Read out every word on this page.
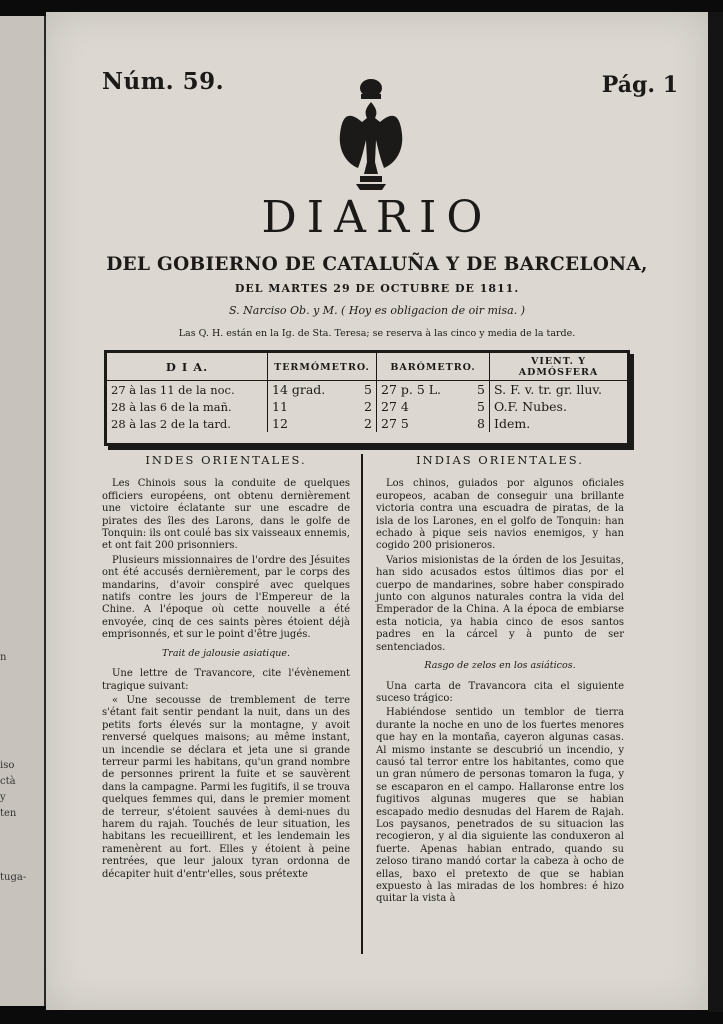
n
iso
ctà
y
ten
tuga-
Núm. 59.	Pág. 1
DIARIO
DEL GOBIERNO DE CATALUÑA Y DE BARCELONA,
DEL MARTES 29 DE OCTUBRE DE 1811.
S. Narciso Ob. y M. ( Hoy es obligacion de oir misa. )
Las Q. H. están en la Ig. de Sta. Teresa; se reserva à las cinco y media de la tarde.
D I A.	TERMÓMETRO.	BARÓMETRO.	VIENT. Y ADMÓSFERA
27 à las 11 de la noc.	14 grad. 5	27 p. 5 L. 5	S. F. v. tr. gr. lluv.
28 à las 6 de la mañ.	11 2	27 4 5	O.F. Nubes.
28 à las 2 de la tard.	12 2	27 5 8	Idem.
INDES ORIENTALES.

Les Chinois sous la conduite de quelques officiers européens, ont obtenu dernièrement une victoire éclatante sur une escadre de pirates des îles des Larons, dans le golfe de Tonquin: ils ont coulé bas six vaisseaux ennemis, et ont fait 200 prisonniers.

Plusieurs missionnaires de l'ordre des Jésuites ont été accusés dernièrement, par le corps des mandarins, d'avoir conspiré avec quelques natifs contre les jours de l'Empereur de la Chine. A l'époque où cette nouvelle a été envoyée, cinq de ces saints pères étoient déjà emprisonnés, et sur le point d'être jugés.

Trait de jalousie asiatique.

Une lettre de Travancore, cite l'évènement tragique suivant:

« Une secousse de tremblement de terre s'étant fait sentir pendant la nuit, dans un des petits forts élevés sur la montagne, y avoit renversé quelques maisons; au même instant, un incendie se déclara et jeta une si grande terreur parmi les habitans, qu'un grand nombre de personnes prirent la fuite et se sauvèrent dans la campagne. Parmi les fugitifs, il se trouva quelques femmes qui, dans le premier moment de terreur, s'étoient sauvées à demi-nues du harem du rajah. Touchés de leur situation, les habitans les recueillirent, et les lendemain les ramenèrent au fort. Elles y étoient à peine rentrées, que leur jaloux tyran ordonna de décapiter huit d'entr'elles, sous prétexte

INDIAS ORIENTALES.

Los chinos, guiados por algunos oficiales europeos, acaban de conseguir una brillante victoria contra una escuadra de piratas, de la isla de los Larones, en el golfo de Tonquin: han echado à pique seis navios enemigos, y han cogido 200 prisioneros.

Varios misionistas de la órden de los Jesuitas, han sido acusados estos últimos dias por el cuerpo de mandarines, sobre haber conspirado junto con algunos naturales contra la vida del Emperador de la China. A la época de embiarse esta noticia, ya habia cinco de esos santos padres en la cárcel y à punto de ser sentenciados.

Rasgo de zelos en los asiáticos.

Una carta de Travancora cita el siguiente suceso trágico:

Habiéndose sentido un temblor de tierra durante la noche en uno de los fuertes menores que hay en la montaña, cayeron algunas casas. Al mismo instante se descubrió un incendio, y causó tal terror entre los habitantes, como que un gran número de personas tomaron la fuga, y se escaparon en el campo. Hallaronse entre los fugitivos algunas mugeres que se habian escapado medio desnudas del Harem de Rajah. Los paysanos, penetrados de su situacion las recogieron, y al dia siguiente las conduxeron al fuerte. Apenas habian entrado, quando su zeloso tirano mandó cortar la cabeza à ocho de ellas, baxo el pretexto de que se habian expuesto à las miradas de los hombres: é hizo quitar la vista à
